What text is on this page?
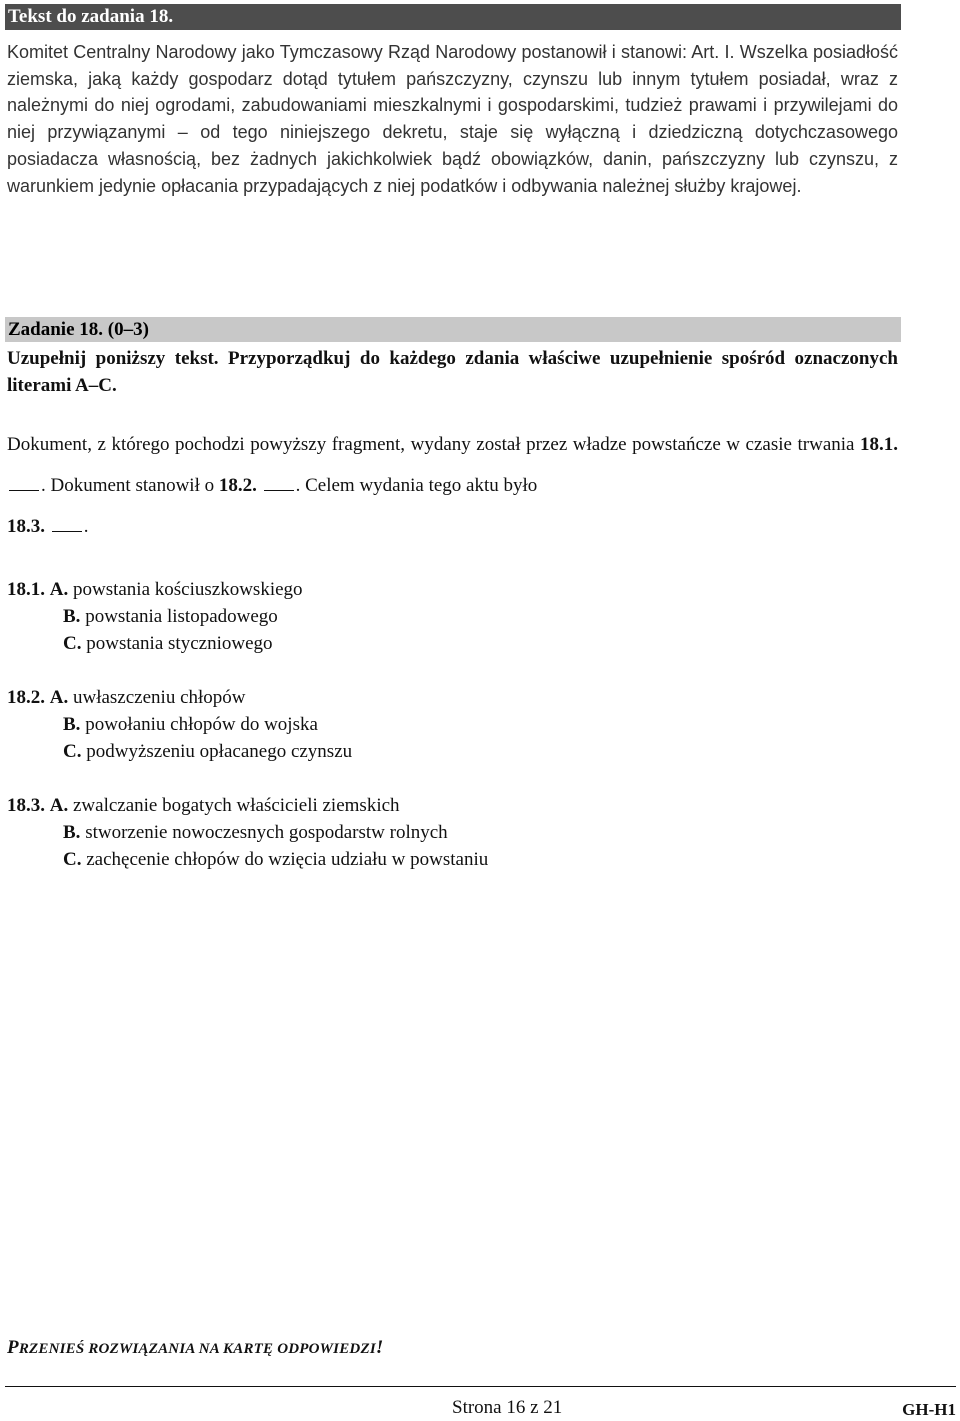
Tekst do zadania 18.

Komitet Centralny Narodowy jako Tymczasowy Rząd Narodowy postanowił i stanowi: Art. I. Wszelka posiadłość ziemska, jaką każdy gospodarz dotąd tytułem pańszczyzny, czynszu lub innym tytułem posiadał, wraz z należnymi do niej ogrodami, zabudowaniami mieszkalnymi i gospodarskimi, tudzież prawami i przywilejami do niej przywiązanymi – od tego niniejszego dekretu, staje się wyłączną i dziedziczną dotychczasowego posiadacza własnością, bez żadnych jakichkolwiek bądź obowiązków, danin, pańszczyzny lub czynszu, z warunkiem jedynie opłacania przypadających z niej podatków i odbywania należnej służby krajowej.

Zadanie 18. (0–3)
Uzupełnij poniższy tekst. Przyporządkuj do każdego zdania właściwe uzupełnienie spośród oznaczonych literami A–C.
Dokument, z którego pochodzi powyższy fragment, wydany został przez władze powstańcze w czasie trwania 18.1. . Dokument stanowił o 18.2. . Celem wydania tego aktu było
18.3. .
18.1. A. powstania kościuszkowskiego
B. powstania listopadowego
C. powstania styczniowego
18.2. A. uwłaszczeniu chłopów
B. powołaniu chłopów do wojska
C. podwyższeniu opłacanego czynszu
18.3. A. zwalczanie bogatych właścicieli ziemskich
B. stworzenie nowoczesnych gospodarstw rolnych
C. zachęcenie chłopów do wzięcia udziału w powstaniu
PRZENIEŚ ROZWIĄZANIA NA KARTĘ ODPOWIEDZI!
Strona 16 z 21	GH-H1
